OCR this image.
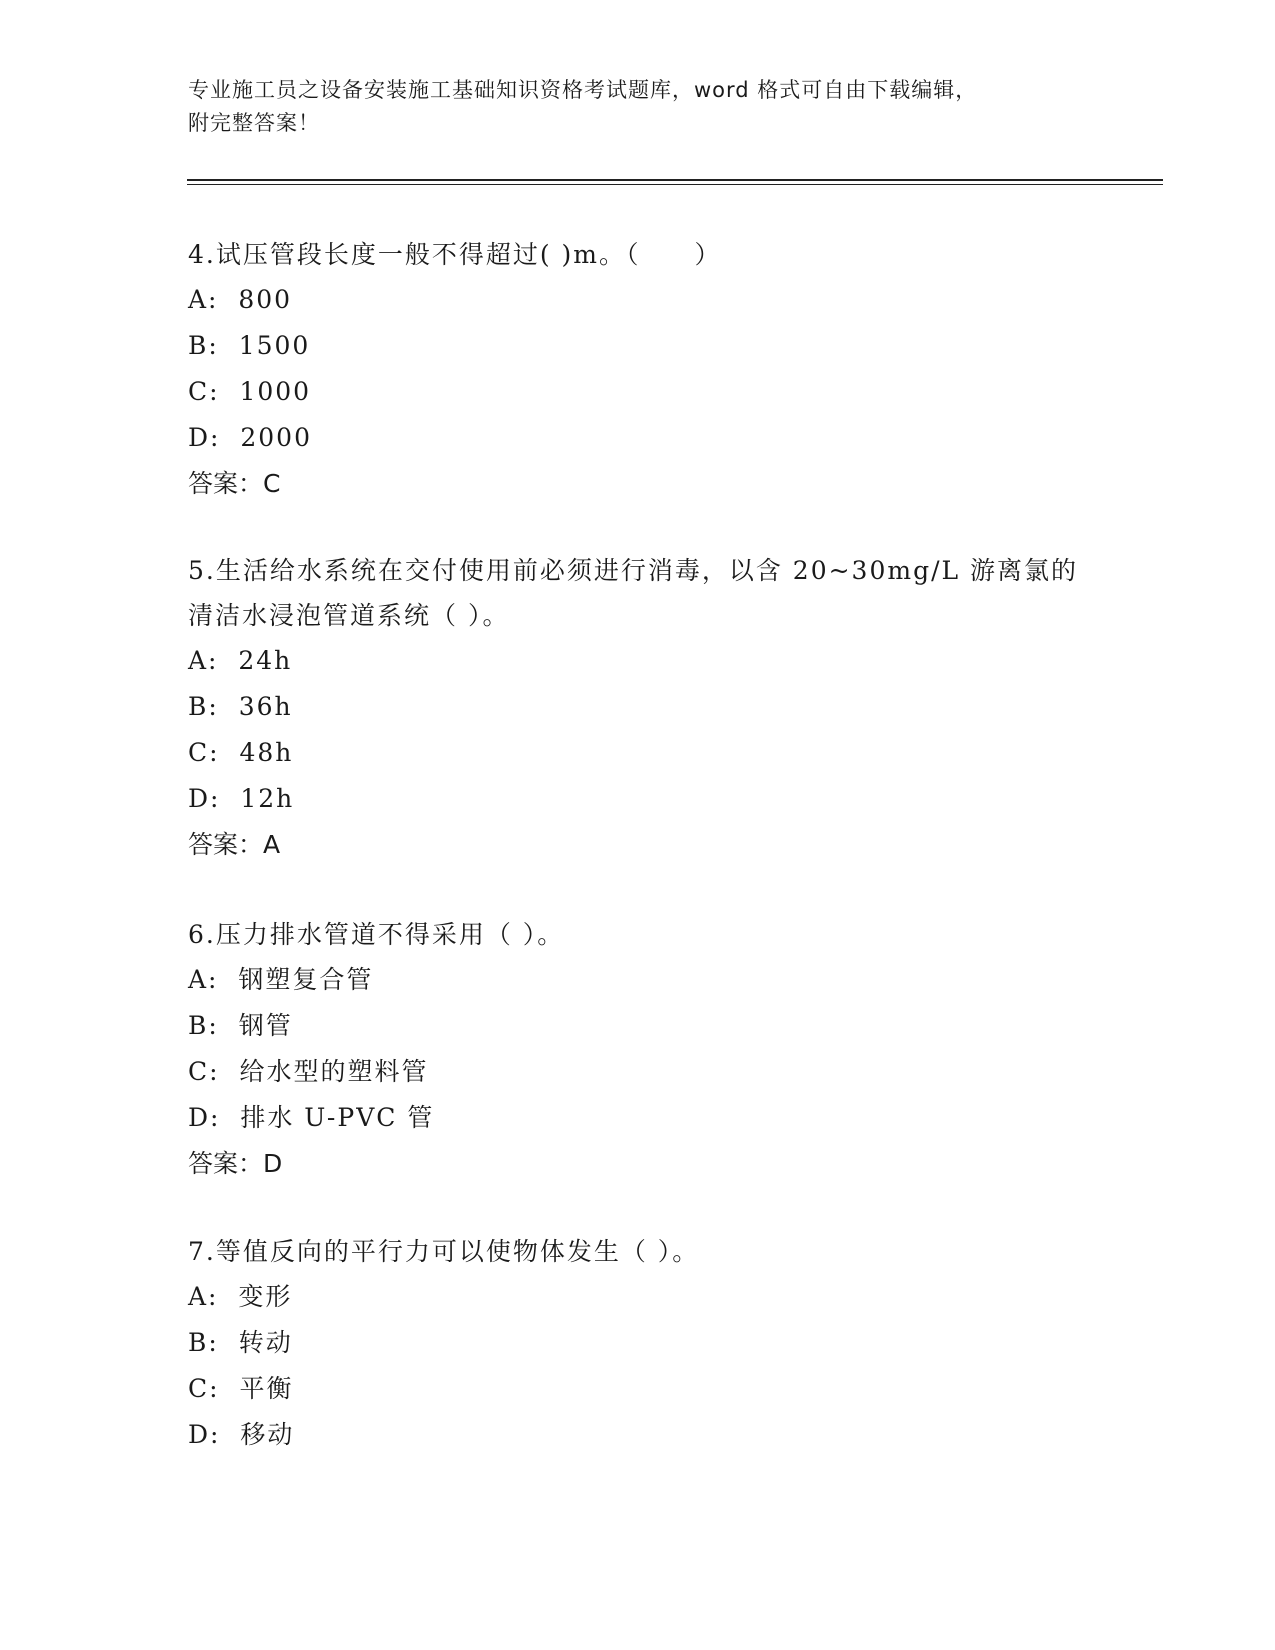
专业施工员之设备安装施工基础知识资格考试题库，word 格式可自由下载编辑，
附完整答案！

4.试压管段长度一般不得超过( )m。（　　）

A:  800

B:  1500

C:  1000

D:  2000

答案：C

5.生活给水系统在交付使用前必须进行消毒，以含 20~30mg/L 游离氯的清洁水浸泡管道系统（ ）。

A:  24h

B:  36h

C:  48h

D:  12h

答案：A

6.压力排水管道不得采用（ ）。

A:  钢塑复合管

B:  钢管

C:  给水型的塑料管

D:  排水 U-PVC 管

答案：D

7.等值反向的平行力可以使物体发生（ ）。

A:  变形

B:  转动

C:  平衡

D:  移动
